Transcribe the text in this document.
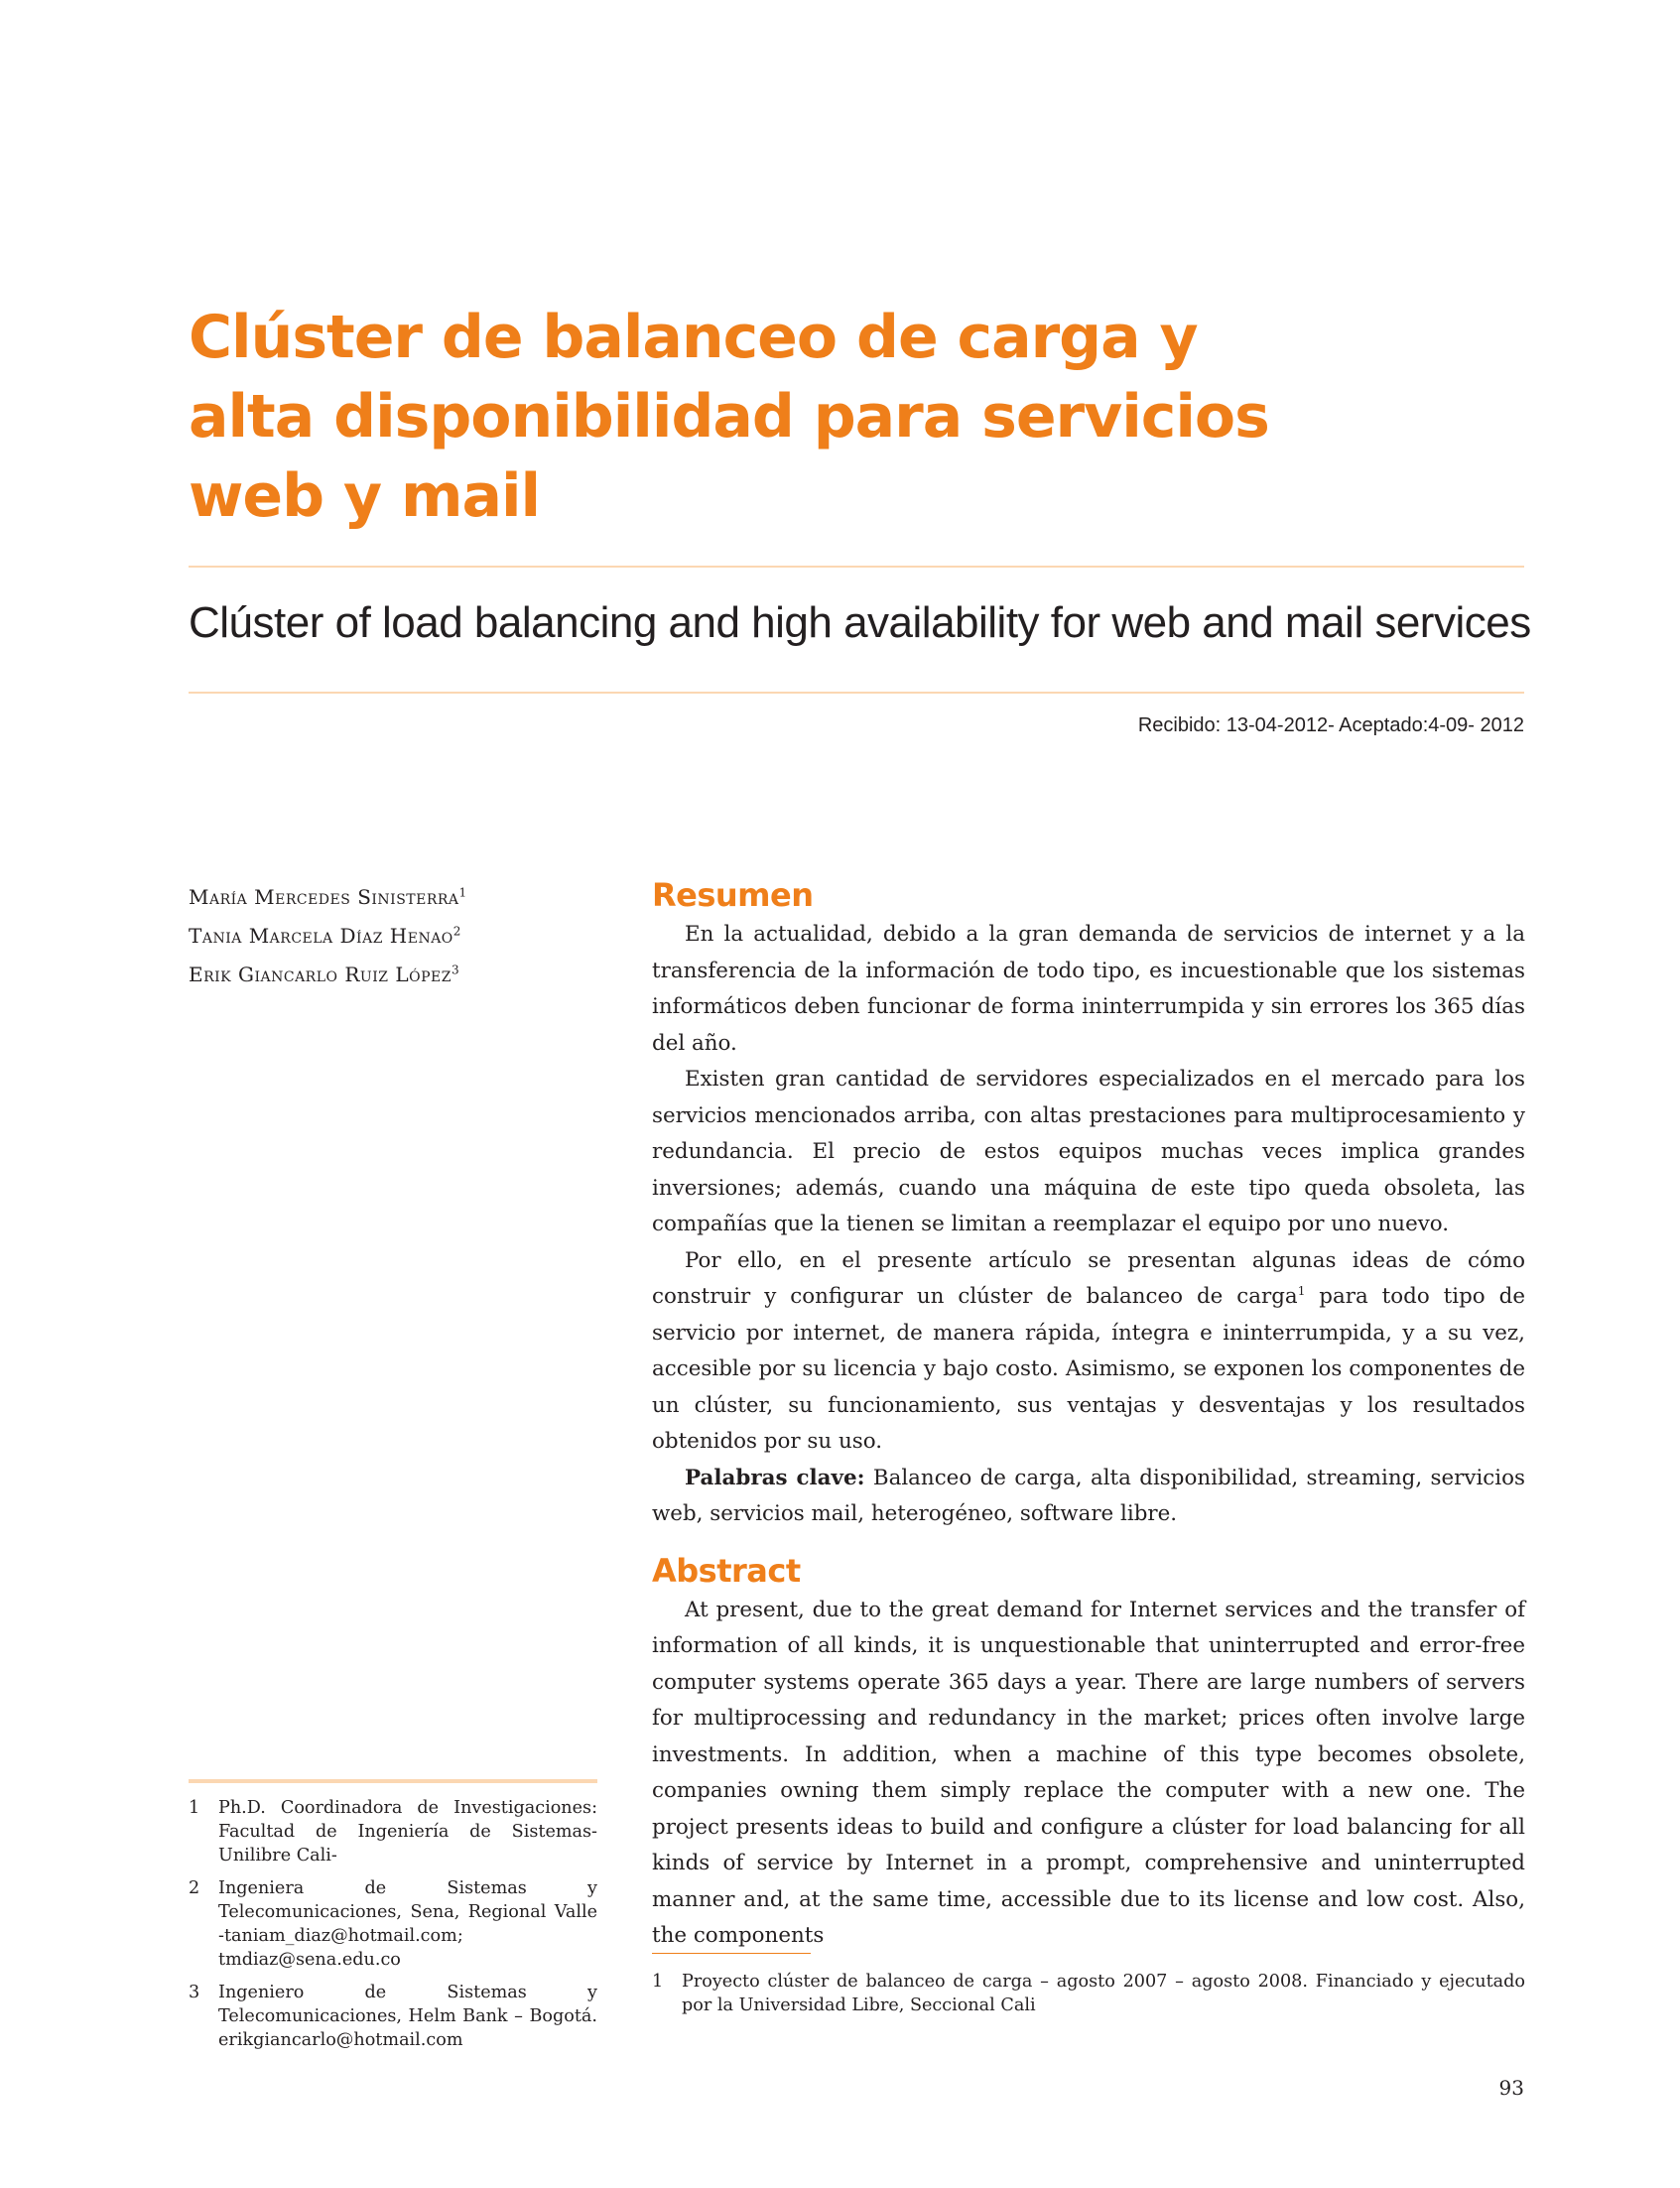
Clúster de balanceo de carga y
alta disponibilidad para servicios
web y mail
Clúster of load balancing and high availability for web and mail services
Recibido: 13-04-2012- Aceptado:4-09- 2012
María Mercedes Sinisterra$^1$
Tania Marcela Díaz Henao$^2$
Erik Giancarlo Ruiz López$^3$
Resumen

En la actualidad, debido a la gran demanda de servicios de internet y a la transferencia de la información de todo tipo, es incuestionable que los sistemas informáticos deben funcionar de forma ininterrumpida y sin errores los 365 días del año.

Existen gran cantidad de servidores especializados en el mercado para los servicios mencionados arriba, con altas prestaciones para multiprocesamiento y redundancia. El precio de estos equipos muchas veces implica grandes inversiones; además, cuando una máquina de este tipo queda obsoleta, las compañías que la tienen se limitan a reemplazar el equipo por uno nuevo.

Por ello, en el presente artículo se presentan algunas ideas de cómo construir y configurar un clúster de balanceo de carga$^1$ para todo tipo de servicio por internet, de manera rápida, íntegra e ininterrumpida, y a su vez, accesible por su licencia y bajo costo. Asimismo, se exponen los componentes de un clúster, su funcionamiento, sus ventajas y desventajas y los resultados obtenidos por su uso.

Palabras clave: Balanceo de carga, alta disponibilidad, streaming, servicios web, servicios mail, heterogéneo, software libre.

Abstract

At present, due to the great demand for Internet services and the transfer of information of all kinds, it is unquestionable that uninterrupted and error-free computer systems operate 365 days a year. There are large numbers of servers for multiprocessing and redundancy in the market; prices often involve large investments. In addition, when a machine of this type becomes obsolete, companies owning them simply replace the computer with a new one. The project presents ideas to build and configure a clúster for load balancing for all kinds of service by Internet in a prompt, comprehensive and uninterrupted manner and, at the same time, accessible due to its license and low cost. Also, the components

1	Ph.D. Coordinadora de Investigaciones: Facultad de Ingeniería de Sistemas-Unilibre Cali-
2	Ingeniera de Sistemas y Telecomunicaciones, Sena, Regional Valle -taniam_diaz@hotmail.com; tmdiaz@sena.edu.co
3	Ingeniero de Sistemas y Telecomunicaciones, Helm Bank – Bogotá. erikgiancarlo@hotmail.com
1	Proyecto clúster de balanceo de carga – agosto 2007 – agosto 2008. Financiado y ejecutado por la Universidad Libre, Seccional Cali
93
